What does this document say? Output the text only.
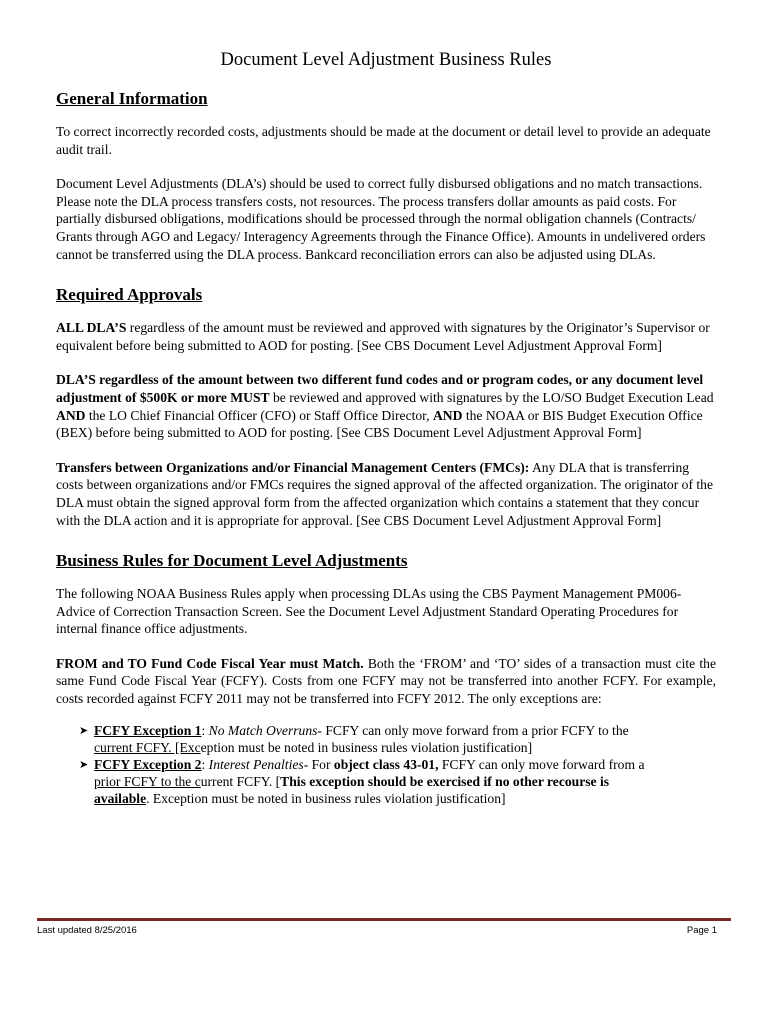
Document Level Adjustment Business Rules
General Information

To correct incorrectly recorded costs, adjustments should be made at the document or detail level to provide an adequate audit trail.

Document Level Adjustments (DLA’s) should be used to correct fully disbursed obligations and no match transactions. Please note the DLA process transfers costs, not resources. The process transfers dollar amounts as paid costs. For partially disbursed obligations, modifications should be processed through the normal obligation channels (Contracts/ Grants through AGO and Legacy/ Interagency Agreements through the Finance Office). Amounts in undelivered orders cannot be transferred using the DLA process. Bankcard reconciliation errors can also be adjusted using DLAs.

Required Approvals

ALL DLA’S regardless of the amount must be reviewed and approved with signatures by the Originator’s Supervisor or equivalent before being submitted to AOD for posting. [See CBS Document Level Adjustment Approval Form]

DLA’S regardless of the amount between two different fund codes and or program codes, or any document level adjustment of $500K or more MUST be reviewed and approved with signatures by the LO/SO Budget Execution Lead AND the LO Chief Financial Officer (CFO) or Staff Office Director, AND the NOAA or BIS Budget Execution Office (BEX) before being submitted to AOD for posting. [See CBS Document Level Adjustment Approval Form]

Transfers between Organizations and/or Financial Management Centers (FMCs): Any DLA that is transferring costs between organizations and/or FMCs requires the signed approval of the affected organization. The originator of the DLA must obtain the signed approval form from the affected organization which contains a statement that they concur with the DLA action and it is appropriate for approval. [See CBS Document Level Adjustment Approval Form]

Business Rules for Document Level Adjustments

The following NOAA Business Rules apply when processing DLAs using the CBS Payment Management PM006- Advice of Correction Transaction Screen. See the Document Level Adjustment Standard Operating Procedures for internal finance office adjustments.

FROM and TO Fund Code Fiscal Year must Match. Both the ‘FROM’ and ‘TO’ sides of a transaction must cite the same Fund Code Fiscal Year (FCFY). Costs from one FCFY may not be transferred into another FCFY. For example, costs recorded against FCFY 2011 may not be transferred into FCFY 2012. The only exceptions are:

➤ FCFY Exception 1: No Match Overruns- FCFY can only move forward from a prior FCFY to the
current FCFY. [Exception must be noted in business rules violation justification]
➤ FCFY Exception 2: Interest Penalties- For object class 43-01, FCFY can only move forward from a
prior FCFY to the current FCFY. [This exception should be exercised if no other recourse is
available. Exception must be noted in business rules violation justification]
Last updated 8/25/2016	Page 1
